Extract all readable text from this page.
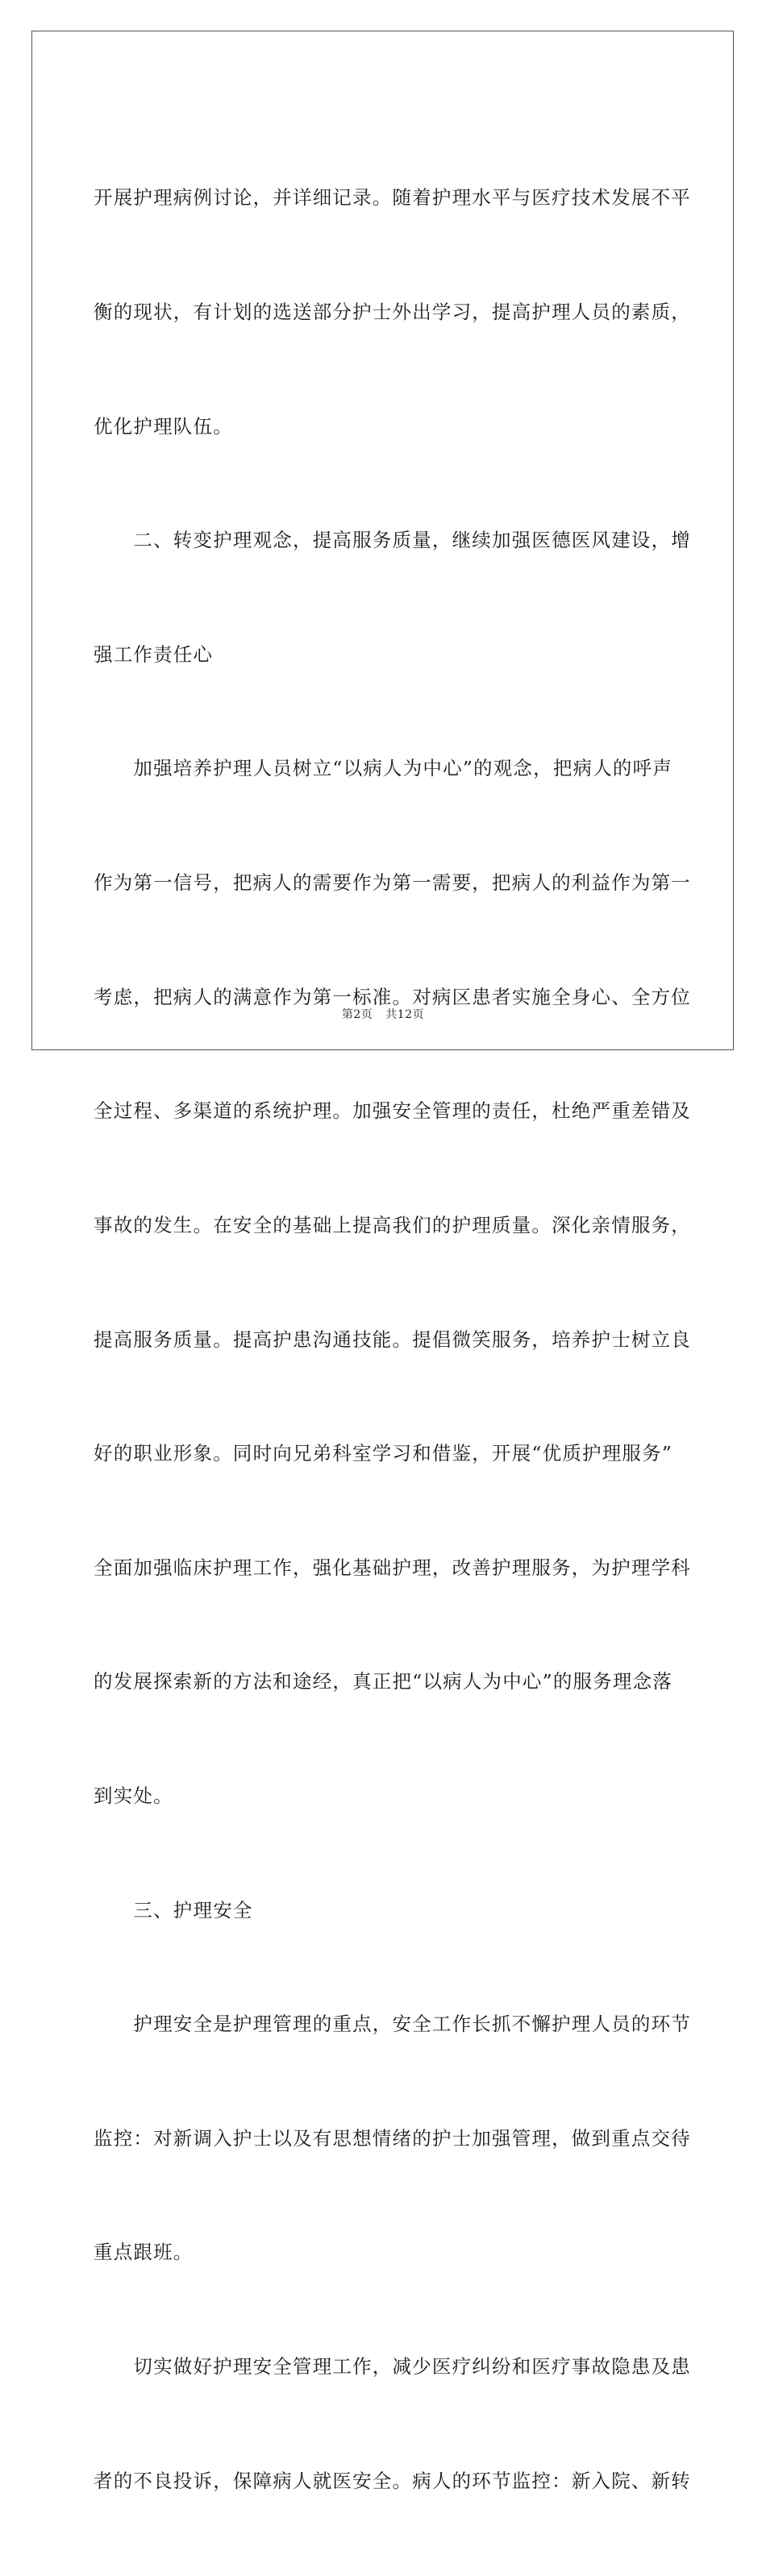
开展护理病例讨论，并详细记录。随着护理水平与医疗技术发展不平

衡的现状，有计划的选送部分护士外出学习，提高护理人员的素质，

优化护理队伍。

　　二、转变护理观念，提高服务质量，继续加强医德医风建设，增

强工作责任心

　　加强培养护理人员树立“以病人为中心”的观念，把病人的呼声

作为第一信号，把病人的需要作为第一需要，把病人的利益作为第一

考虑，把病人的满意作为第一标准。对病区患者实施全身心、全方位

全过程、多渠道的系统护理。加强安全管理的责任，杜绝严重差错及

事故的发生。在安全的基础上提高我们的护理质量。深化亲情服务，

提高服务质量。提高护患沟通技能。提倡微笑服务，培养护士树立良

好的职业形象。同时向兄弟科室学习和借鉴，开展“优质护理服务”

全面加强临床护理工作，强化基础护理，改善护理服务，为护理学科

的发展探索新的方法和途经，真正把“以病人为中心”的服务理念落

到实处。

　　三、护理安全

　　护理安全是护理管理的重点，安全工作长抓不懈护理人员的环节

监控：对新调入护士以及有思想情绪的护士加强管理，做到重点交待

重点跟班。

　　切实做好护理安全管理工作，减少医疗纠纷和医疗事故隐患及患

者的不良投诉，保障病人就医安全。病人的环节监控：新入院、新转

第2页 共12页
